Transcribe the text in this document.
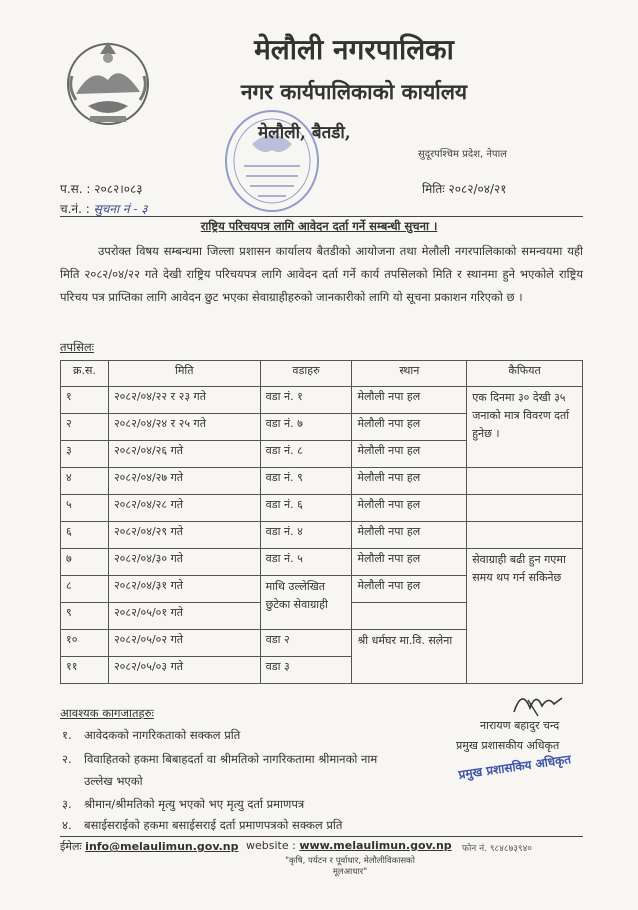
मेलौली नगरपालिका
नगर कार्यपालिकाको कार्यालय
मेलौली, बैतडी,
सुदूरपश्चिम प्रदेश, नेपाल
प.स. : २०८२।०८३
च.नं. : सुचना नं - ३
मितिः २०८२/०४/२१
राष्ट्रिय परिचयपत्र लागि आवेदन दर्ता गर्ने सम्बन्धी सुचना ।
उपरोक्त विषय सम्बन्धमा जिल्ला प्रशासन कार्यालय बैतडीको आयोजना तथा मेलौली नगरपालिकाको समन्वयमा यही मिति २०८२/०४/२२ गते देखी राष्ट्रिय परिचयपत्र लागि आवेदन दर्ता गर्ने कार्य तपसिलको मिति र स्थानमा हुने भएकोले राष्ट्रिय परिचय पत्र प्राप्तिका लागि आवेदन छुट भएका सेवाग्राहीहरुको जानकारीको लागि यो सूचना प्रकाशन गरिएको छ ।
तपसिलः
क्र.स.	मिति	वडाहरु	स्थान	कैफियत
१	२०८२/०४/२२ र २३ गते	वडा नं. १	मेलौली नपा हल	एक दिनमा ३० देखी ३५ जनाको मात्र विवरण दर्ता हुनेछ ।
२	२०८२/०४/२४ र २५ गते	वडा नं. ७	मेलौली नपा हल	
३	२०८२/०४/२६ गते	वडा नं. ८	मेलौली नपा हल	
४	२०८२/०४/२७ गते	वडा नं. ९	मेलौली नपा हल	
५	२०८२/०४/२८ गते	वडा नं. ६	मेलौली नपा हल	
६	२०८२/०४/२९ गते	वडा नं. ४	मेलौली नपा हल	
७	२०८२/०४/३० गते	वडा नं. ५	मेलौली नपा हल	सेवाग्राही बढी हुन गएमा समय थप गर्न सकिनेछ
८	२०८२/०४/३१ गते	माथि उल्लेखित छुटेका सेवाग्राही	मेलौली नपा हल	
९	२०८२/०५/०१ गते			
१०	२०८२/०५/०२ गते	वडा २	श्री धर्मघर मा.वि. सलेना	
११	२०८२/०५/०३ गते	वडा ३		
आवश्यक कागजातहरुः
१. आवेदकको नागरिकताको सक्कल प्रति
२. विवाहितको हकमा बिबाहदर्ता वा श्रीमतिको नागरिकतामा श्रीमानको नाम
उल्लेख भएको
३. श्रीमान/श्रीमतिको मृत्यु भएको भए मृत्यु दर्ता प्रमाणपत्र
४. बसाईसराईको हकमा बसाईसराई दर्ता प्रमाणपत्रको सक्कल प्रति
नारायण बहादुर चन्द
प्रमुख प्रशासकीय अधिकृत
प्रमुख प्रशासकिय अधिकृत
ईमेलः info@melaulimun.gov.np website : www.melaulimun.gov.np फोन नं. ९८४८७३९४०
"कृषि, पर्यटन र पूर्वाधार, मेलौलीविकासको मूलआधार"
